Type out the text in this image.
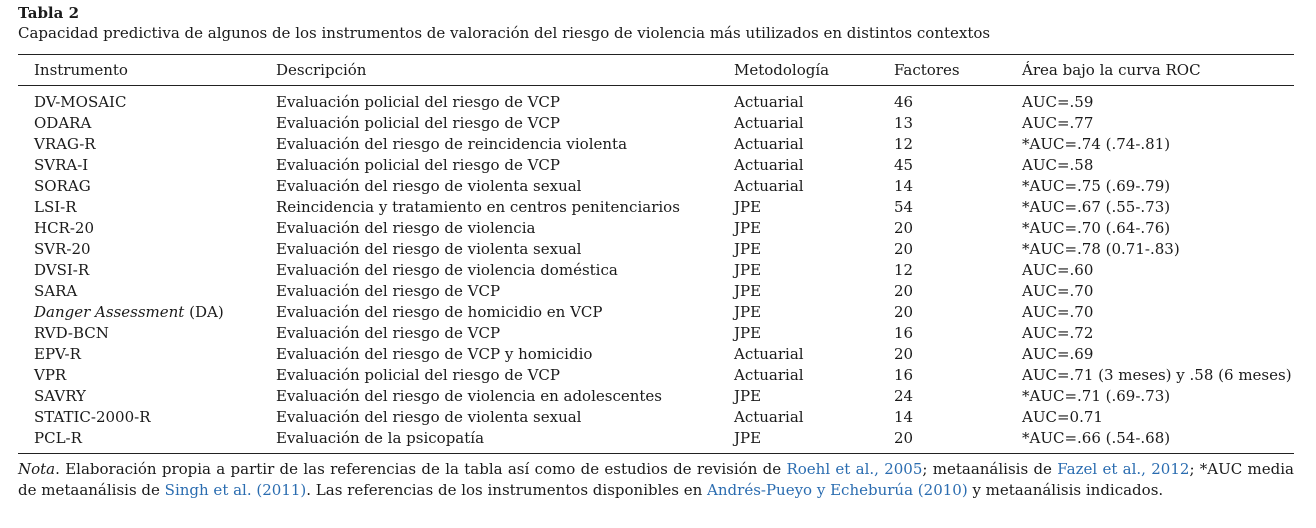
Tabla 2
Capacidad predictiva de algunos de los instrumentos de valoración del riesgo de violencia más utilizados en distintos contextos
Instrumento	Descripción	Metodología	Factores	Área bajo la curva ROC
DV-MOSAIC	Evaluación policial del riesgo de VCP	Actuarial	46	AUC=.59
ODARA	Evaluación policial del riesgo de VCP	Actuarial	13	AUC=.77
VRAG-R	Evaluación del riesgo de reincidencia violenta	Actuarial	12	*AUC=.74 (.74-.81)
SVRA-I	Evaluación policial del riesgo de VCP	Actuarial	45	AUC=.58
SORAG	Evaluación del riesgo de violenta sexual	Actuarial	14	*AUC=.75 (.69-.79)
LSI-R	Reincidencia y tratamiento en centros penitenciarios	JPE	54	*AUC=.67 (.55-.73)
HCR-20	Evaluación del riesgo de violencia	JPE	20	*AUC=.70 (.64-.76)
SVR-20	Evaluación del riesgo de violenta sexual	JPE	20	*AUC=.78 (0.71-.83)
DVSI-R	Evaluación del riesgo de violencia doméstica	JPE	12	AUC=.60
SARA	Evaluación del riesgo de VCP	JPE	20	AUC=.70
Danger Assessment (DA)	Evaluación del riesgo de homicidio en VCP	JPE	20	AUC=.70
RVD-BCN	Evaluación del riesgo de VCP	JPE	16	AUC=.72
EPV-R	Evaluación del riesgo de VCP y homicidio	Actuarial	20	AUC=.69
VPR	Evaluación policial del riesgo de VCP	Actuarial	16	AUC=.71 (3 meses) y .58 (6 meses)
SAVRY	Evaluación del riesgo de violencia en adolescentes	JPE	24	*AUC=.71 (.69-.73)
STATIC-2000-R	Evaluación del riesgo de violenta sexual	Actuarial	14	AUC=0.71
PCL-R	Evaluación de la psicopatía	JPE	20	*AUC=.66 (.54-.68)
Nota. Elaboración propia a partir de las referencias de la tabla así como de estudios de revisión de Roehl et al., 2005; metaanálisis de Fazel et al., 2012; *AUC media de metaanálisis de Singh et al. (2011). Las referencias de los instrumentos disponibles en Andrés-Pueyo y Echeburúa (2010) y metaanálisis indicados.
